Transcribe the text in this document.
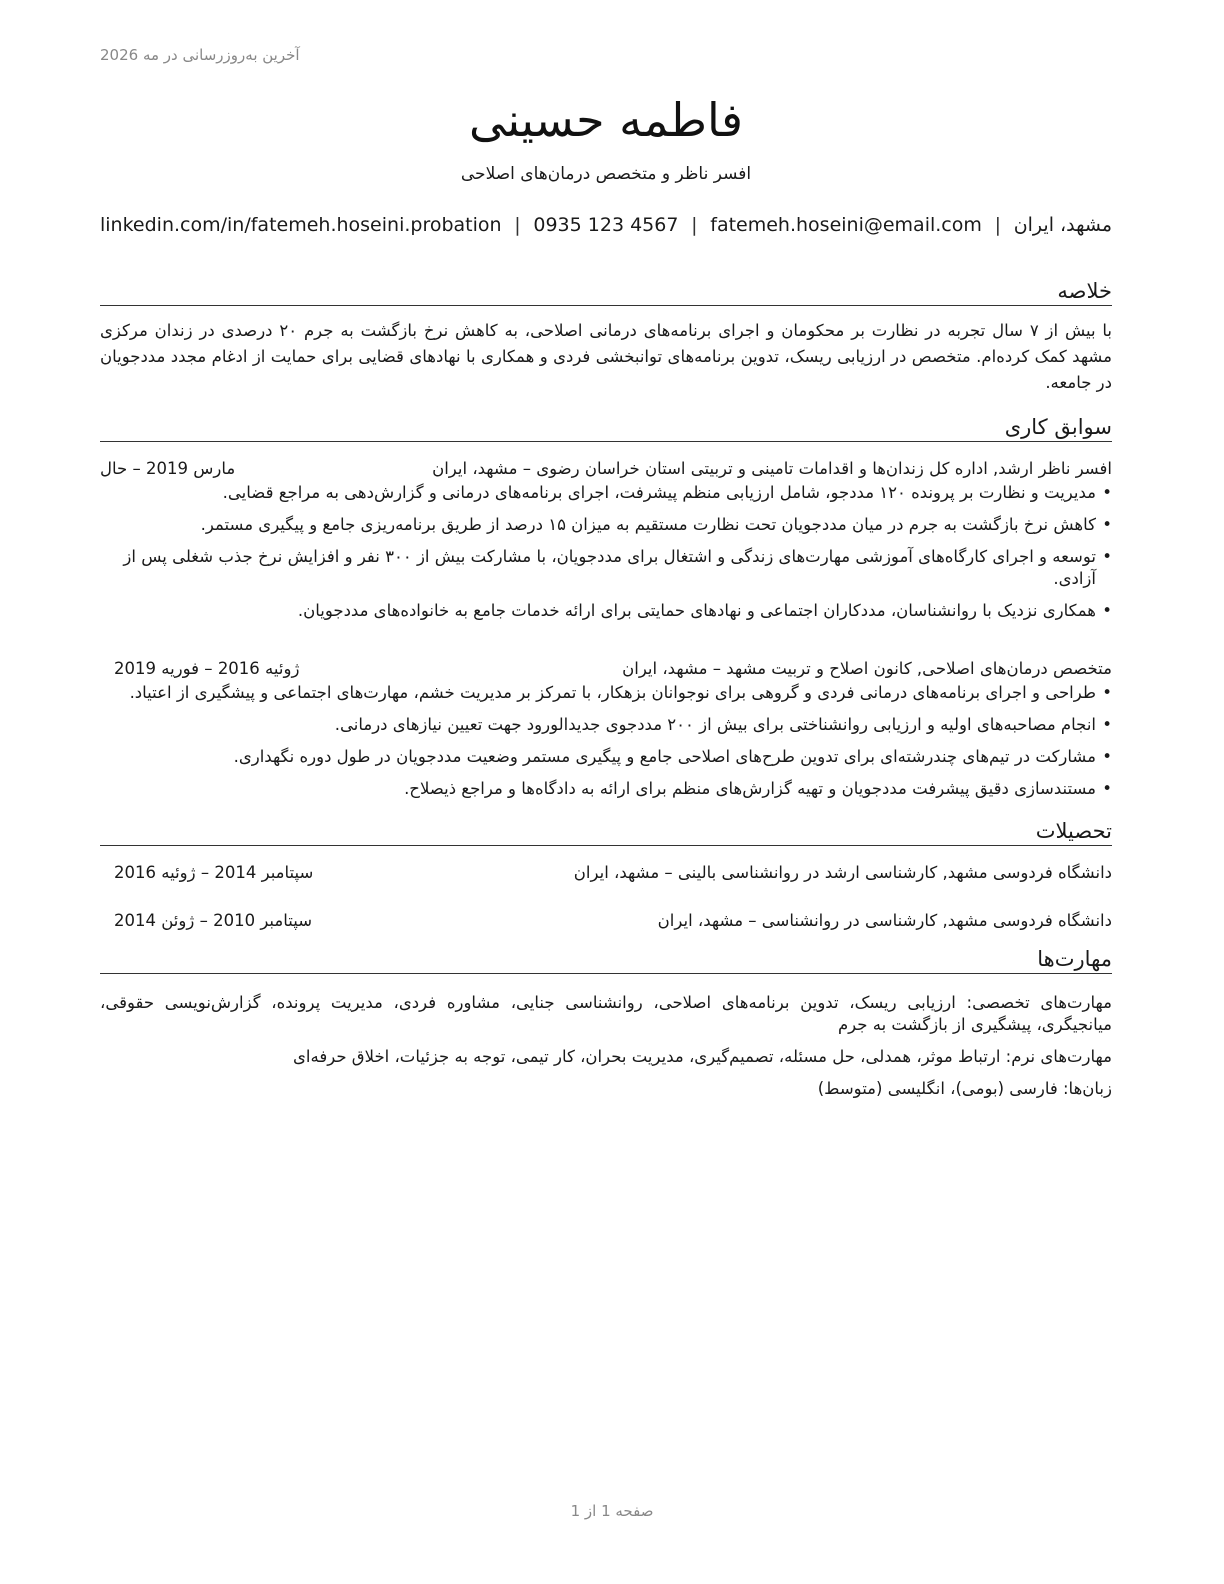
آخرین به‌روزرسانی در مه 2026
فاطمه حسینی
افسر ناظر و متخصص درمان‌های اصلاحی
مشهد، ایران
|
fatemeh.hoseini@email.com
|
0935 123 4567
|
linkedin.com/in/fatemeh.hoseini.probation
خلاصه
با بیش از ۷ سال تجربه در نظارت بر محکومان و اجرای برنامه‌های درمانی اصلاحی، به کاهش نرخ بازگشت به جرم ۲۰ درصدی در زندان مرکزی مشهد کمک کرده‌ام. متخصص در ارزیابی ریسک، تدوین برنامه‌های توانبخشی فردی و همکاری با نهادهای قضایی برای حمایت از ادغام مجدد مددجویان در جامعه.
سوابق کاری
افسر ناظر ارشد, اداره کل زندان‌ها و اقدامات تامینی و تربیتی استان خراسان رضوی – مشهد، ایران
مارس 2019 – حال
• مدیریت و نظارت بر پرونده ۱۲۰ مددجو، شامل ارزیابی منظم پیشرفت، اجرای برنامه‌های درمانی و گزارش‌دهی به مراجع قضایی.
• کاهش نرخ بازگشت به جرم در میان مددجویان تحت نظارت مستقیم به میزان ۱۵ درصد از طریق برنامه‌ریزی جامع و پیگیری مستمر.
• توسعه و اجرای کارگاه‌های آموزشی مهارت‌های زندگی و اشتغال برای مددجویان، با مشارکت بیش از ۳۰۰ نفر و افزایش نرخ جذب شغلی پس از آزادی.
• همکاری نزدیک با روانشناسان، مددکاران اجتماعی و نهادهای حمایتی برای ارائه خدمات جامع به خانواده‌های مددجویان.
متخصص درمان‌های اصلاحی, کانون اصلاح و تربیت مشهد – مشهد، ایران
ژوئیه 2016 – فوریه 2019
• طراحی و اجرای برنامه‌های درمانی فردی و گروهی برای نوجوانان بزهکار، با تمرکز بر مدیریت خشم، مهارت‌های اجتماعی و پیشگیری از اعتیاد.
• انجام مصاحبه‌های اولیه و ارزیابی روانشناختی برای بیش از ۲۰۰ مددجوی جدیدالورود جهت تعیین نیازهای درمانی.
• مشارکت در تیم‌های چندرشته‌ای برای تدوین طرح‌های اصلاحی جامع و پیگیری مستمر وضعیت مددجویان در طول دوره نگهداری.
• مستندسازی دقیق پیشرفت مددجویان و تهیه گزارش‌های منظم برای ارائه به دادگاه‌ها و مراجع ذیصلاح.
تحصیلات
دانشگاه فردوسی مشهد, کارشناسی ارشد در روانشناسی بالینی – مشهد، ایران
سپتامبر 2014 – ژوئیه 2016
دانشگاه فردوسی مشهد, کارشناسی در روانشناسی – مشهد، ایران
سپتامبر 2010 – ژوئن 2014
مهارت‌ها

مهارت‌های تخصصی: ارزیابی ریسک، تدوین برنامه‌های اصلاحی، روانشناسی جنایی، مشاوره فردی، مدیریت پرونده، گزارش‌نویسی حقوقی، میانجیگری، پیشگیری از بازگشت به جرم

مهارت‌های نرم: ارتباط موثر، همدلی، حل مسئله، تصمیم‌گیری، مدیریت بحران، کار تیمی، توجه به جزئیات، اخلاق حرفه‌ای

زبان‌ها: فارسی (بومی)، انگلیسی (متوسط)

صفحه 1 از 1
